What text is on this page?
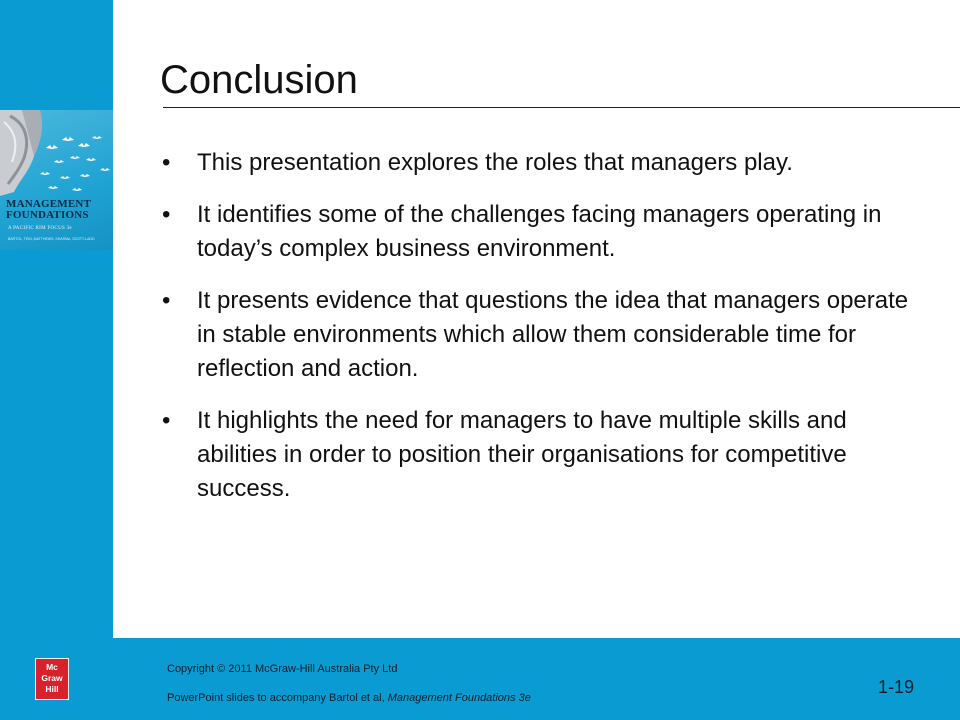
MANAGEMENT
FOUNDATIONS
A PACIFIC RIM FOCUS 3e
BARTOL, TEIN, MATTHEWS, SHARMA, SCOTT-LADD
Conclusion
• This presentation explores the roles that managers play.
• It identifies some of the challenges facing managers operating in today’s complex business environment.
• It presents evidence that questions the idea that managers operate in stable environments which allow them considerable time for reflection and action.
• It highlights the need for managers to have multiple skills and abilities in order to position their organisations for competitive success.
Mc
Graw
Hill
Copyright © 2011 McGraw-Hill Australia Pty Ltd
PowerPoint slides to accompany Bartol et al, Management Foundations 3e
1-19
